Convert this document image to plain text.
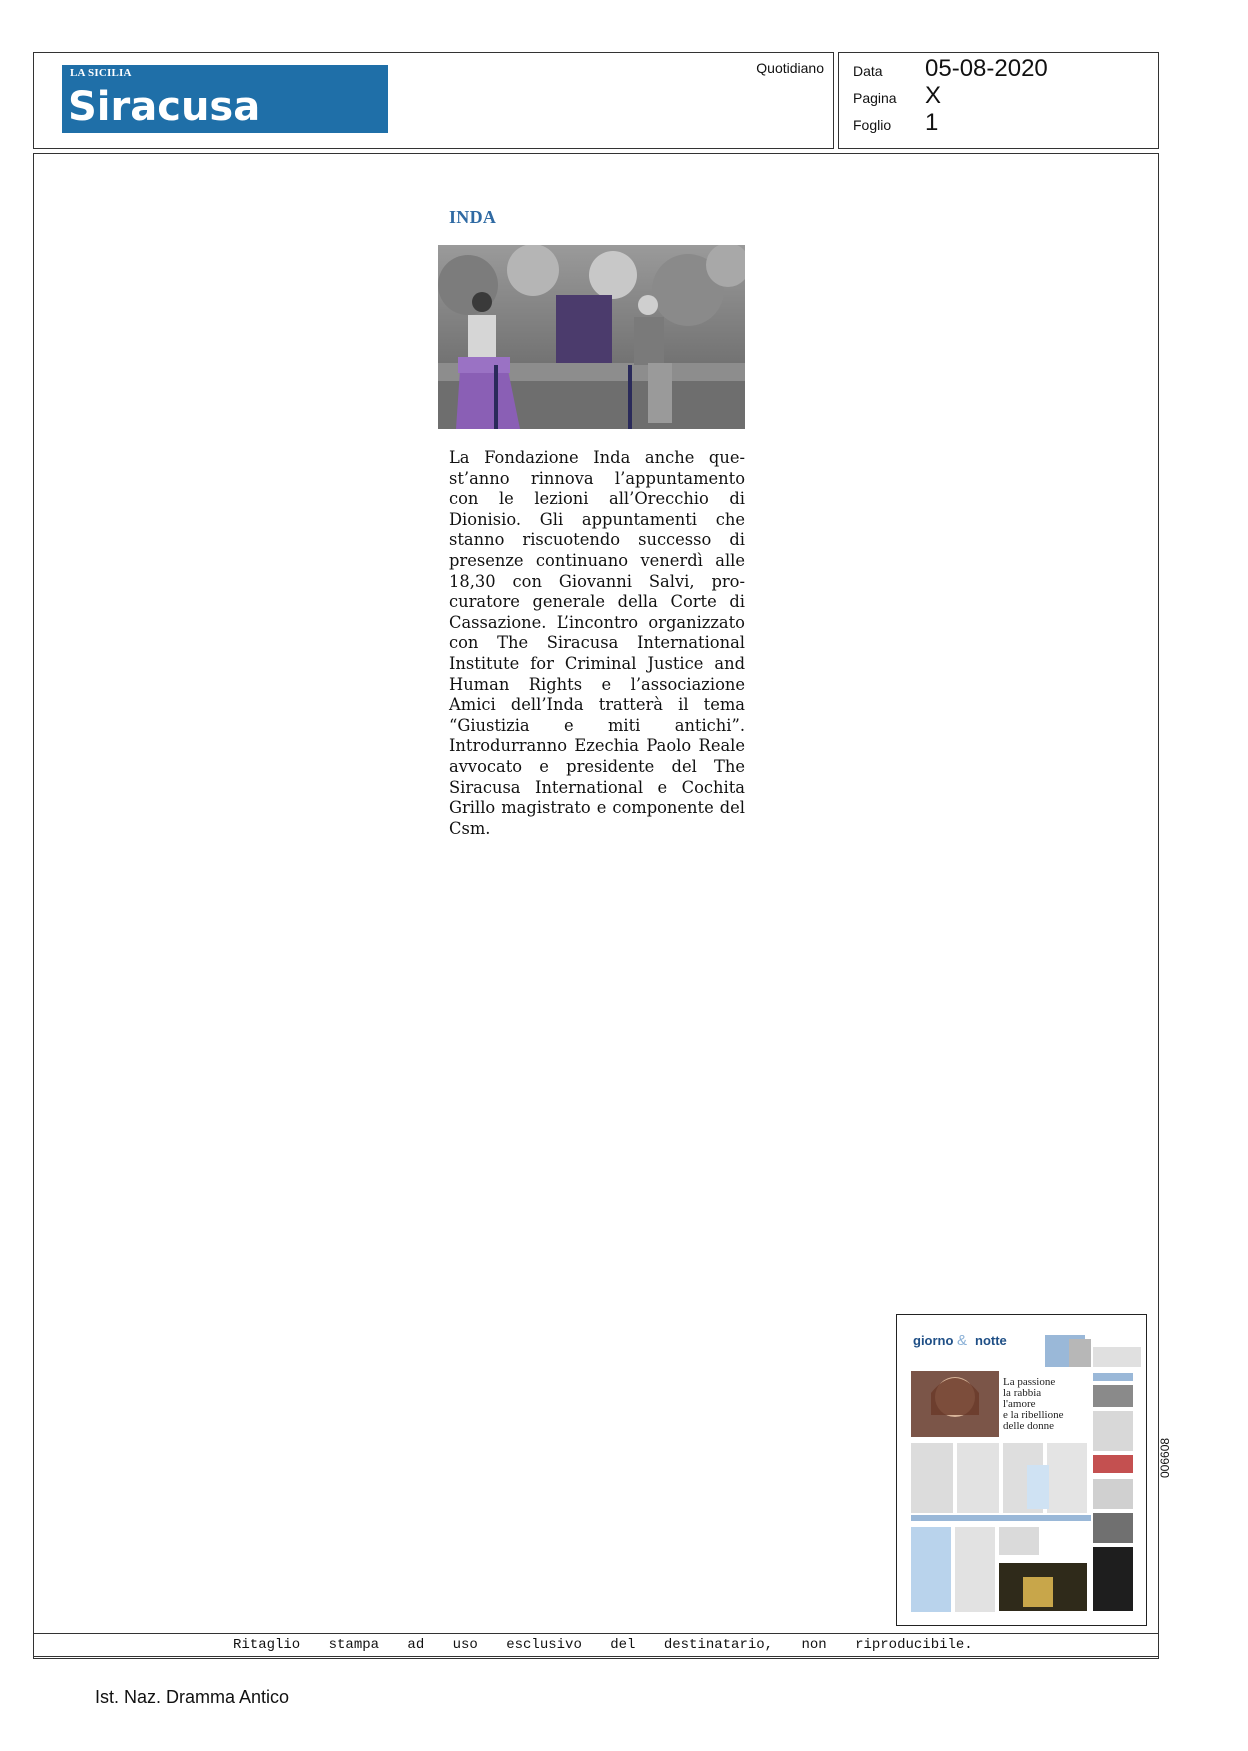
LA SICILIA
Siracusa
Quotidiano Data 05-08-2020
Pagina X
Foglio 1
INDA

La Fondazione Inda anche quest’anno rinnova l’appuntamento con le lezioni all’Orecchio di Dionisio. Gli appuntamenti che stanno riscuotendo successo di presenze continuano venerdì alle 18,30 con Giovanni Salvi, procuratore generale della Corte di Cassazione. L’incontro organizzato con The Siracusa International Institute for Criminal Justice and Human Rights e l’associazione Amici dell’Inda tratterà il tema “Giustizia e miti antichi”. Introdurranno Ezechia Paolo Reale avvocato e presidente del The Siracusa International e Cochita Grillo magistrato e componente del Csm.

giorno & notte
La passione
la rabbia
l'amore
e la ribellione
delle donne
006608
Ritaglio stampa ad uso esclusivo del destinatario, non riproducibile.
Ist. Naz. Dramma Antico
